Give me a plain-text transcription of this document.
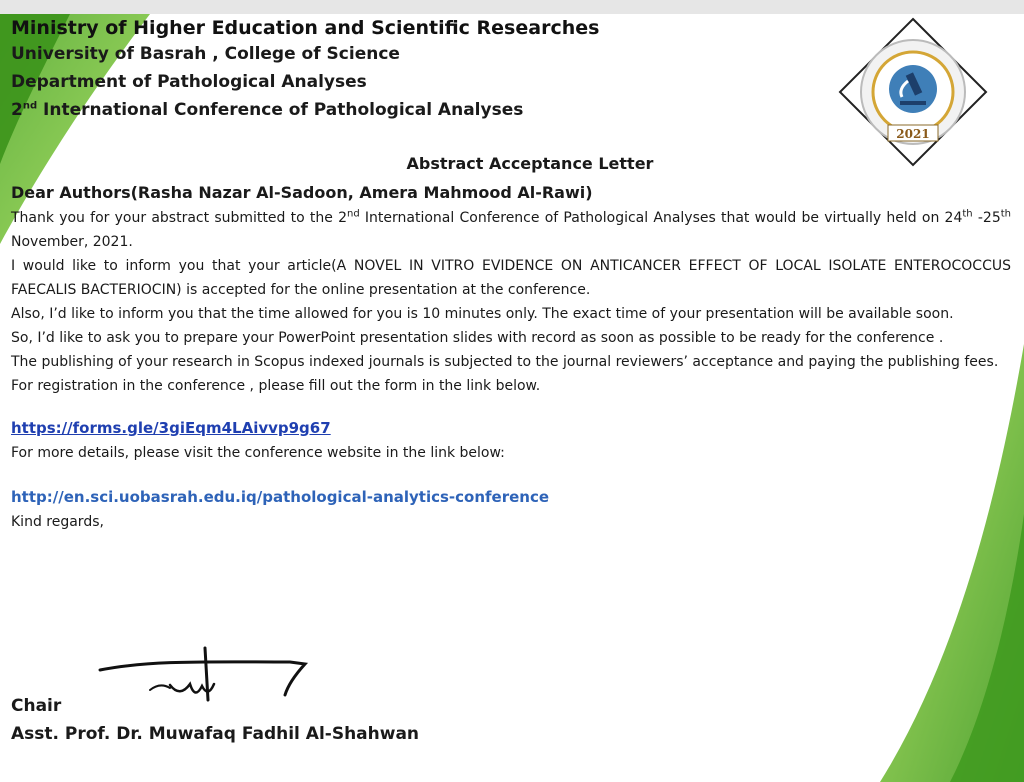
Ministry of Higher Education and Scientific Researches
University of Basrah , College of Science
Department of Pathological Analyses
2nd International Conference of Pathological Analyses
2021
Abstract Acceptance Letter

Dear Authors(Rasha Nazar Al-Sadoon, Amera Mahmood Al-Rawi)

Thank you for your abstract submitted to the 2nd International Conference of Pathological Analyses that would be virtually held on 24th -25th November, 2021.

I would like to inform you that your article(A NOVEL IN VITRO EVIDENCE ON ANTICANCER EFFECT OF LOCAL ISOLATE ENTEROCOCCUS FAECALIS BACTERIOCIN) is accepted for the online presentation at the conference.

Also, I’d like to inform you that the time allowed for you is 10 minutes only. The exact time of your presentation will be available soon.

So, I’d like to ask you to prepare your PowerPoint presentation slides with record as soon as possible to be ready for the conference .

The publishing of your research in Scopus indexed journals is subjected to the journal reviewers’ acceptance and paying the publishing fees.

For registration in the conference , please fill out the form in the link below.

https://forms.gle/3giEqm4LAivvp9g67

For more details, please visit the conference website in the link below:

http://en.sci.uobasrah.edu.iq/pathological-analytics-conference

Kind regards,

Chair
Asst. Prof. Dr. Muwafaq Fadhil Al-Shahwan
